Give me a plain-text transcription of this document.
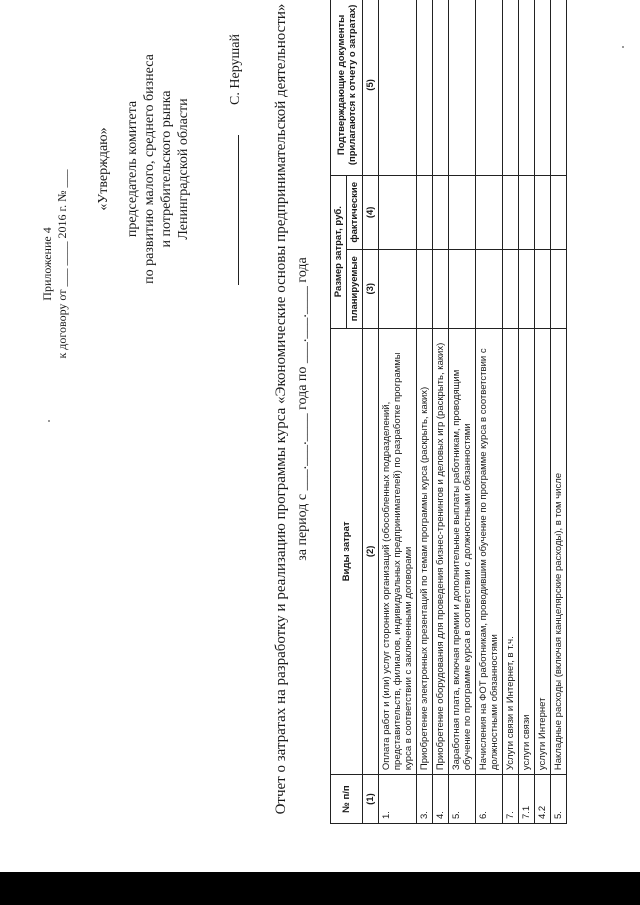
Приложение 4 к договору от ___ ____ 2016 г. № ___
«Утверждаю» председатель комитета по развитию малого, среднего бизнеса и потребительского рынка Ленинградской области
С. Нерушай Отчет о затратах на разработку и реализацию программы курса «Экономические основы предпринимательской деятельности» за период с ___.___.____ года по ___.___.____ года
№ п/п	Виды затрат	Размер затрат, руб.		Подтверждающие документы (прилагаются к отчету о затратах)
		планируемые	фактические	
(1)	(2)	(3)	(4)	(5)
1.	Оплата работ и (или) услуг сторонних организаций (обособленных подразделений, представительств, филиалов, индивидуальных предпринимателей) по разработке программы курса в соответствии с заключенными договорами			
3.	Приобретение электронных презентаций по темам программы курса (раскрыть, каких)			
4.	Приобретение оборудования для проведения бизнес-тренингов и деловых игр (раскрыть, каких)			
5.	Заработная плата, включая премии и дополнительные выплаты работникам, проводящим обучение по программе курса в соответствии с должностными обязанностями			
6.	Начисления на ФОТ работникам, проводившим обучение по программе курса в соответствии с должностными обязанностями			
7.	Услуги связи и Интернет, в т.ч.			
7.1	услуги связи			
4.2	услуги Интернет			
5.	Накладные расходы (включая канцелярские расходы), в том числе			
